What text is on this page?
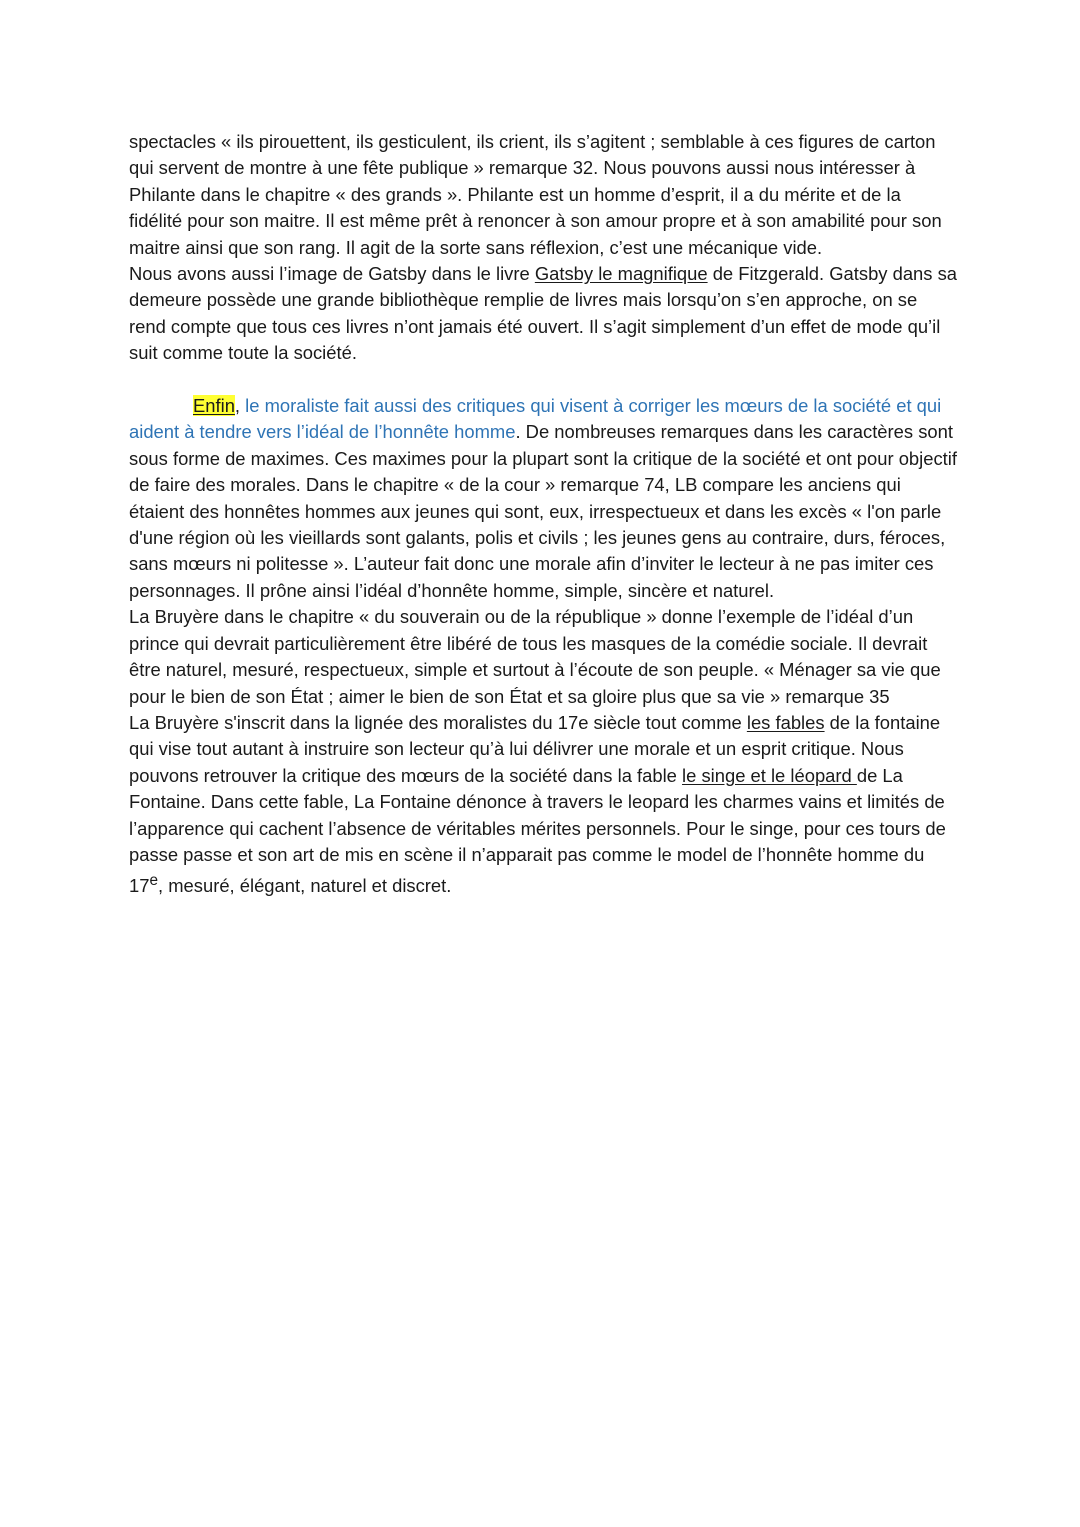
spectacles « ils pirouettent, ils gesticulent, ils crient, ils s’agitent ; semblable à ces figures de carton qui servent de montre à une fête publique » remarque 32. Nous pouvons aussi nous intéresser à Philante dans le chapitre « des grands ». Philante est un homme d’esprit, il a du mérite et de la fidélité pour son maitre. Il est même prêt à renoncer à son amour propre et à son amabilité pour son maitre ainsi que son rang. Il agit de la sorte sans réflexion, c’est une mécanique vide.

Nous avons aussi l’image de Gatsby dans le livre Gatsby le magnifique de Fitzgerald. Gatsby dans sa demeure possède une grande bibliothèque remplie de livres mais lorsqu’on s’en approche, on se rend compte que tous ces livres n’ont jamais été ouvert. Il s’agit simplement d’un effet de mode qu’il suit comme toute la société.

Enfin, le moraliste fait aussi des critiques qui visent à corriger les mœurs de la société et qui aident à tendre vers l’idéal de l’honnête homme. De nombreuses remarques dans les caractères sont sous forme de maximes. Ces maximes pour la plupart sont la critique de la société et ont pour objectif de faire des morales. Dans le chapitre « de la cour » remarque 74, LB compare les anciens qui étaient des honnêtes hommes aux jeunes qui sont, eux, irrespectueux et dans les excès « l'on parle d'une région où les vieillards sont galants, polis et civils ; les jeunes gens au contraire, durs, féroces, sans mœurs ni politesse ». L’auteur fait donc une morale afin d’inviter le lecteur à ne pas imiter ces personnages. Il prône ainsi l’idéal d’honnête homme, simple, sincère et naturel.

La Bruyère dans le chapitre « du souverain ou de la république » donne l’exemple de l’idéal d’un prince qui devrait particulièrement être libéré de tous les masques de la comédie sociale. Il devrait être naturel, mesuré, respectueux, simple et surtout à l’écoute de son peuple. « Ménager sa vie que pour le bien de son État ; aimer le bien de son État et sa gloire plus que sa vie » remarque 35

La Bruyère s'inscrit dans la lignée des moralistes du 17e siècle tout comme les fables de la fontaine qui vise tout autant à instruire son lecteur qu’à lui délivrer une morale et un esprit critique. Nous pouvons retrouver la critique des mœurs de la société dans la fable le singe et le léopard de La Fontaine. Dans cette fable, La Fontaine dénonce à travers le leopard les charmes vains et limités de l’apparence qui cachent l’absence de véritables mérites personnels. Pour le singe, pour ces tours de passe passe et son art de mis en scène il n’apparait pas comme le model de l’honnête homme du 17e, mesuré, élégant, naturel et discret.
